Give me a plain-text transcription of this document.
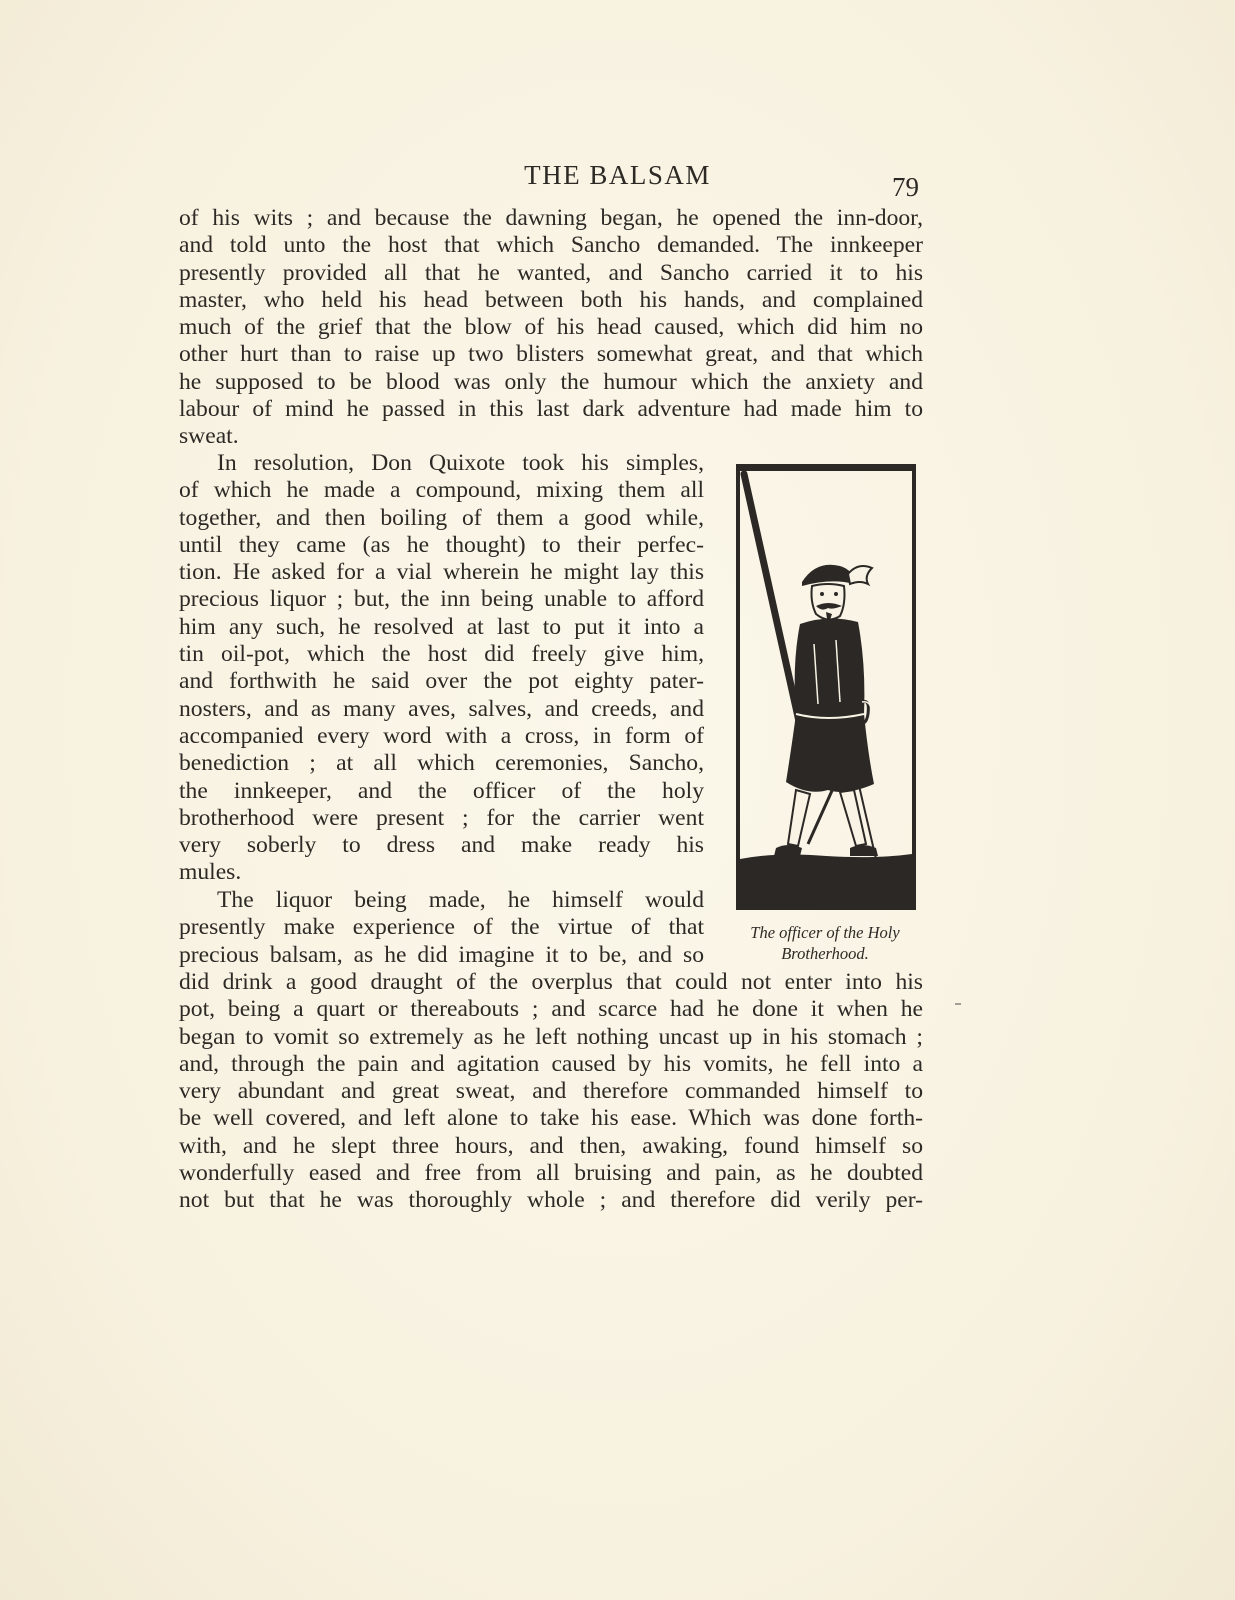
THE BALSAM	79
of his wits ; and because the dawning began, he opened the inn-door,
and told unto the host that which Sancho demanded. The innkeeper
presently provided all that he wanted, and Sancho carried it to his
master, who held his head between both his hands, and complained
much of the grief that the blow of his head caused, which did him no
other hurt than to raise up two blisters somewhat great, and that which
he supposed to be blood was only the humour which the anxiety and
labour of mind he passed in this last dark adventure had made him to
sweat.
In resolution, Don Quixote took his simples,
of which he made a compound, mixing them all
together, and then boiling of them a good while,
until they came (as he thought) to their perfec-
tion. He asked for a vial wherein he might lay this
precious liquor ; but, the inn being unable to afford
him any such, he resolved at last to put it into a
tin oil-pot, which the host did freely give him,
and forthwith he said over the pot eighty pater-
nosters, and as many aves, salves, and creeds, and
accompanied every word with a cross, in form of
benediction ; at all which ceremonies, Sancho,
the innkeeper, and the officer of the holy
brotherhood were present ; for the carrier went
very soberly to dress and make ready his
mules.
The liquor being made, he himself would
presently make experience of the virtue of that
precious balsam, as he did imagine it to be, and so
did drink a good draught of the overplus that could not enter into his
pot, being a quart or thereabouts ; and scarce had he done it when he
began to vomit so extremely as he left nothing uncast up in his stomach ;
and, through the pain and agitation caused by his vomits, he fell into a
very abundant and great sweat, and therefore commanded himself to
be well covered, and left alone to take his ease. Which was done forth-
with, and he slept three hours, and then, awaking, found himself so
wonderfully eased and free from all bruising and pain, as he doubted
not but that he was thoroughly whole ; and therefore did verily per-
The officer of the Holy
Brotherhood.
